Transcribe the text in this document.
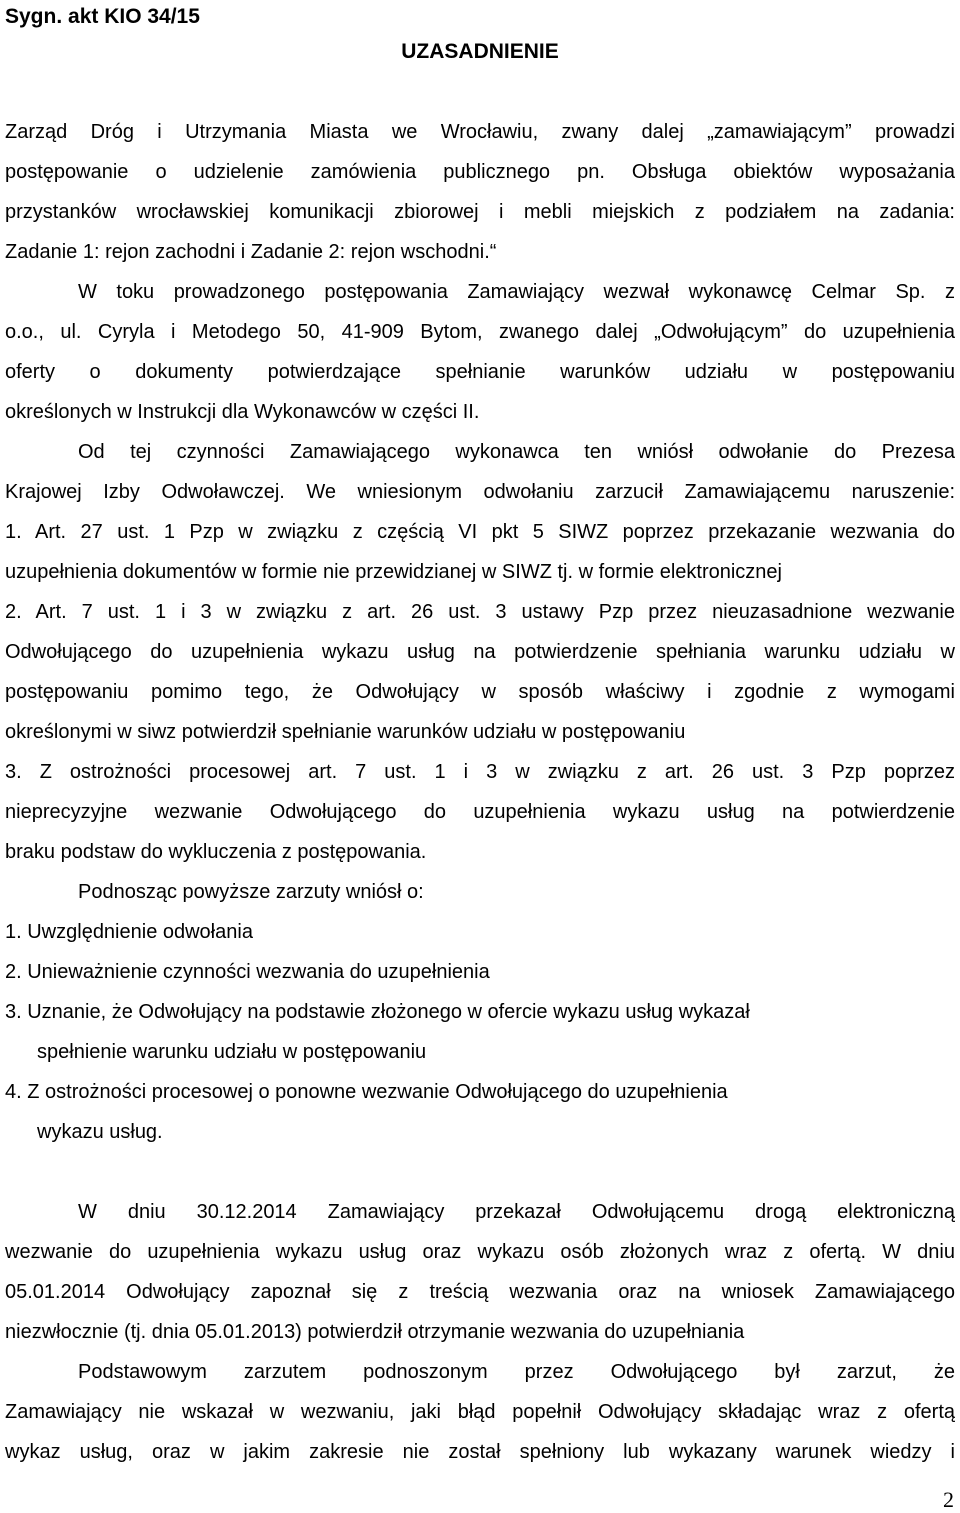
Sygn. akt KIO 34/15
UZASADNIENIE
Zarząd Dróg i Utrzymania Miasta we Wrocławiu, zwany dalej „zamawiającym” prowadzi
postępowanie o udzielenie zamówienia publicznego pn. Obsługa obiektów wyposażania
przystanków wrocławskiej komunikacji zbiorowej i mebli miejskich z podziałem na zadania:
Zadanie 1: rejon zachodni i Zadanie 2: rejon wschodni.“
W toku prowadzonego postępowania Zamawiający wezwał wykonawcę Celmar Sp. z
o.o., ul. Cyryla i Metodego 50, 41-909 Bytom, zwanego dalej „Odwołującym” do uzupełnienia
oferty o dokumenty potwierdzające spełnianie warunków udziału w postępowaniu
określonych w Instrukcji dla Wykonawców w części II.
Od tej czynności Zamawiającego wykonawca ten wniósł odwołanie do Prezesa
Krajowej Izby Odwoławczej. We wniesionym odwołaniu zarzucił Zamawiającemu naruszenie:
1. Art. 27 ust. 1 Pzp w związku z częścią VI pkt 5 SIWZ poprzez przekazanie wezwania do
uzupełnienia dokumentów w formie nie przewidzianej w SIWZ tj. w formie elektronicznej
2. Art. 7 ust. 1 i 3 w związku z art. 26 ust. 3 ustawy Pzp przez nieuzasadnione wezwanie
Odwołującego do uzupełnienia wykazu usług na potwierdzenie spełniania warunku udziału w
postępowaniu pomimo tego, że Odwołujący w sposób właściwy i zgodnie z wymogami
określonymi w siwz potwierdził spełnianie warunków udziału w postępowaniu
3. Z ostrożności procesowej art. 7 ust. 1 i 3 w związku z art. 26 ust. 3 Pzp poprzez
nieprecyzyjne wezwanie Odwołującego do uzupełnienia wykazu usług na potwierdzenie
braku podstaw do wykluczenia z postępowania.
Podnosząc powyższe zarzuty wniósł o:
1. Uwzględnienie odwołania
2. Unieważnienie czynności wezwania do uzupełnienia
3. Uznanie, że Odwołujący na podstawie złożonego w ofercie wykazu usług wykazał
spełnienie warunku udziału w postępowaniu
4. Z ostrożności procesowej o ponowne wezwanie Odwołującego do uzupełnienia
wykazu usług.
W dniu 30.12.2014 Zamawiający przekazał Odwołującemu drogą elektroniczną
wezwanie do uzupełnienia wykazu usług oraz wykazu osób złożonych wraz z ofertą. W dniu
05.01.2014 Odwołujący zapoznał się z treścią wezwania oraz na wniosek Zamawiającego
niezwłocznie (tj. dnia 05.01.2013) potwierdził otrzymanie wezwania do uzupełniania
Podstawowym zarzutem podnoszonym przez Odwołującego był zarzut, że
Zamawiający nie wskazał w wezwaniu, jaki błąd popełnił Odwołujący składając wraz z ofertą
wykaz usług, oraz w jakim zakresie nie został spełniony lub wykazany warunek wiedzy i
2
